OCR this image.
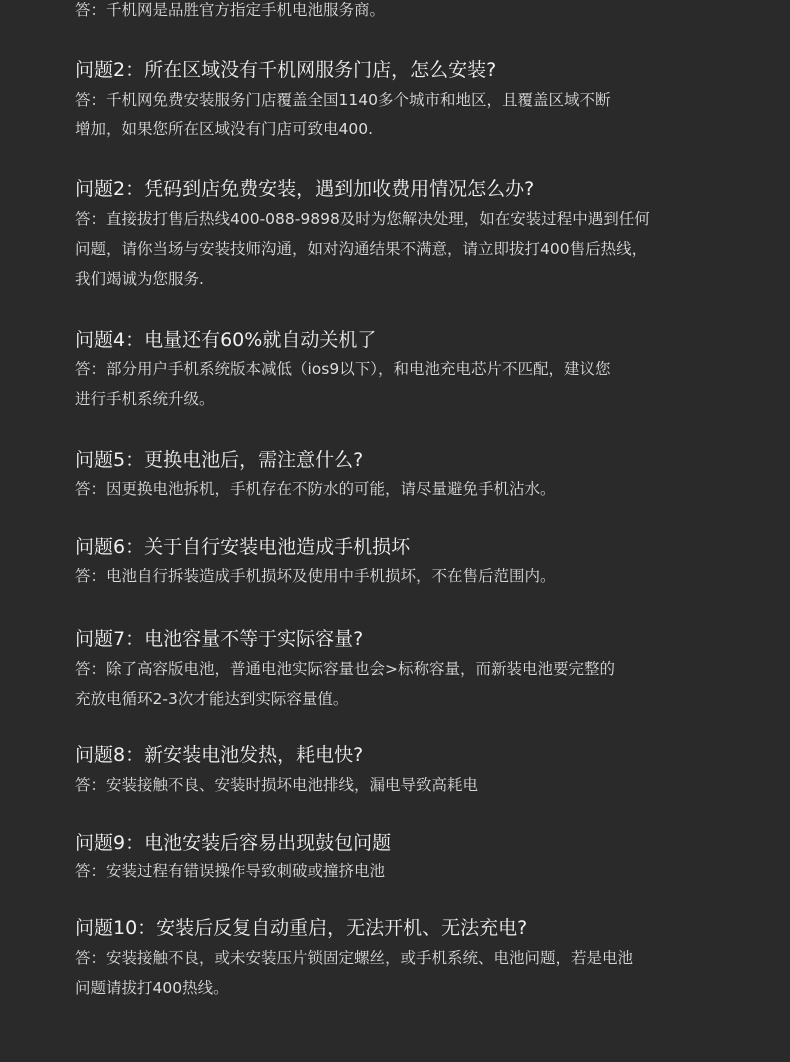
答：千机网是品胜官方指定手机电池服务商。
问题2：所在区域没有千机网服务门店，怎么安装?
答：千机网免费安装服务门店覆盖全国1140多个城市和地区，且覆盖区域不断
增加，如果您所在区域没有门店可致电400.
问题2：凭码到店免费安装，遇到加收费用情况怎么办?
答：直接拔打售后热线400-088-9898及时为您解决处理，如在安装过程中遇到任何
问题，请你当场与安装技师沟通，如对沟通结果不满意，请立即拔打400售后热线，
我们竭诚为您服务.
问题4：电量还有60%就自动关机了
答：部分用户手机系统版本减低（ios9以下），和电池充电芯片不匹配，建议您
进行手机系统升级。
问题5：更换电池后，需注意什么?
答：因更换电池拆机，手机存在不防水的可能，请尽量避免手机沾水。
问题6：关于自行安装电池造成手机损坏
答：电池自行拆装造成手机损坏及使用中手机损坏，不在售后范围内。
问题7：电池容量不等于实际容量?
答：除了高容版电池，普通电池实际容量也会>标称容量，而新装电池要完整的
充放电循环2-3次才能达到实际容量值。
问题8：新安装电池发热，耗电快?
答：安装接触不良、安装时损坏电池排线，漏电导致高耗电
问题9：电池安装后容易出现鼓包问题
答：安装过程有错误操作导致刺破或撞挤电池
问题10：安装后反复自动重启，无法开机、无法充电?
答：安装接触不良，或未安装压片锁固定螺丝，或手机系统、电池问题，若是电池
问题请拔打400热线。
